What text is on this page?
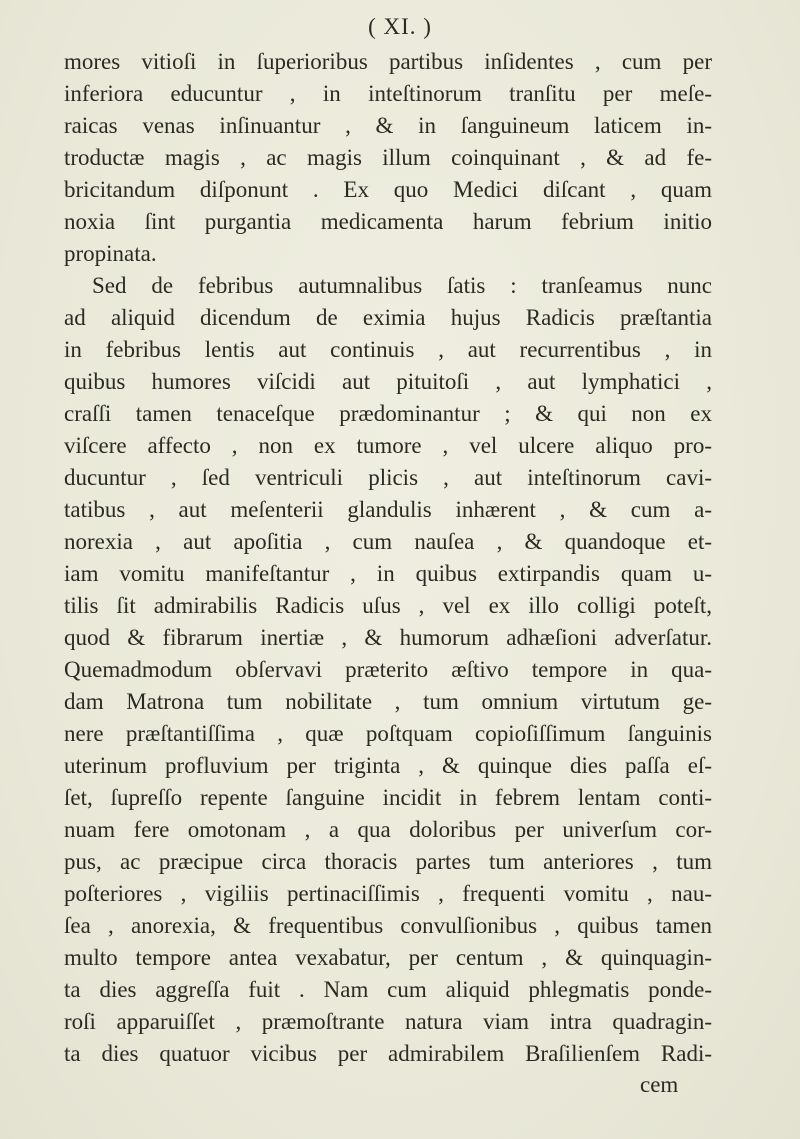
( XI. )
mores vitioſi in ſuperioribus partibus inſidentes , cum per
inferiora educuntur , in inteſtinorum tranſitu per meſe-
raicas venas inſinuantur , & in ſanguineum laticem in-
troductæ magis , ac magis illum coinquinant , & ad fe-
bricitandum diſponunt . Ex quo Medici diſcant , quam
noxia ſint purgantia medicamenta harum febrium initio
propinata.
Sed de febribus autumnalibus ſatis : tranſeamus nunc
ad aliquid dicendum de eximia hujus Radicis præſtantia
in febribus lentis aut continuis , aut recurrentibus , in
quibus humores viſcidi aut pituitoſi , aut lymphatici ,
craſſi tamen tenaceſque prædominantur ; & qui non ex
viſcere affecto , non ex tumore , vel ulcere aliquo pro-
ducuntur , ſed ventriculi plicis , aut inteſtinorum cavi-
tatibus , aut meſenterii glandulis inhærent , & cum a-
norexia , aut apoſitia , cum nauſea , & quandoque et-
iam vomitu manifeſtantur , in quibus extirpandis quam u-
tilis ſit admirabilis Radicis uſus , vel ex illo colligi poteſt,
quod & fibrarum inertiæ , & humorum adhæſioni adverſatur.
Quemadmodum obſervavi præterito æſtivo tempore in qua-
dam Matrona tum nobilitate , tum omnium virtutum ge-
nere præſtantiſſima , quæ poſtquam copioſiſſimum ſanguinis
uterinum profluvium per triginta , & quinque dies paſſa eſ-
ſet, ſupreſſo repente ſanguine incidit in febrem lentam conti-
nuam fere omotonam , a qua doloribus per univerſum cor-
pus, ac præcipue circa thoracis partes tum anteriores , tum
poſteriores , vigiliis pertinaciſſimis , frequenti vomitu , nau-
ſea , anorexia, & frequentibus convulſionibus , quibus tamen
multo tempore antea vexabatur, per centum , & quinquagin-
ta dies aggreſſa fuit . Nam cum aliquid phlegmatis ponde-
roſi apparuiſſet , præmoſtrante natura viam intra quadragin-
ta dies quatuor vicibus per admirabilem Braſilienſem Radi-
cem
